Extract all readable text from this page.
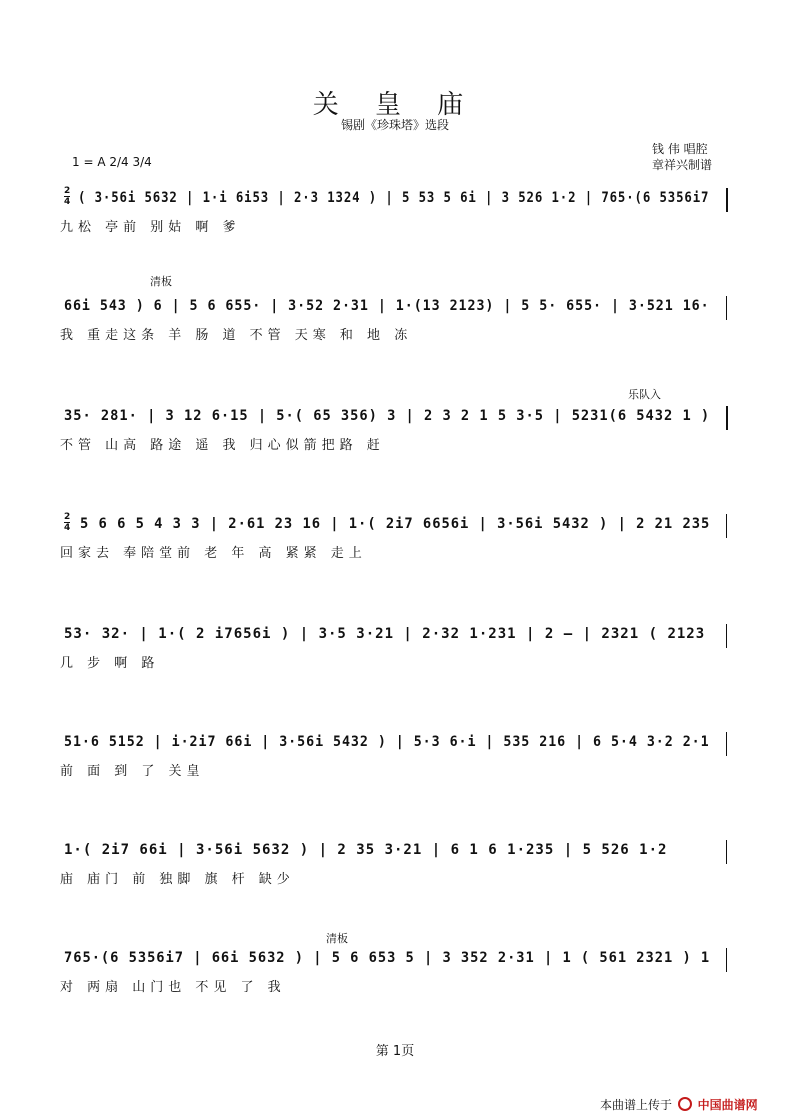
关 皇 庙
锡剧《珍珠塔》选段
1 = A 2/4 3/4
钱 伟 唱腔
章祥兴制谱
2
4 ( 3·56i 5632 | 1·i 6i53 | 2·3 1324 ) | 5 53 5 6i | 3 526 1·2 | 765·(6 5356i7
九松 亭前 别姑 啊 爹
清板
66i 543 ) 6 | 5 6 655· | 3·52 2·31 | 1·(13 2123) | 5 5· 655· | 3·521 16·
我 重走这条 羊 肠 道 不管 天寒 和 地 冻
乐队入
35· 281· | 3 12 6·15 | 5·( 65 356) 3 | 2 3 2 1 5 3·5 | 5231(6 5432 1 )
不管 山高 路途 遥 我 归心似箭把路 赶
2
4 5 6 6 5 4 3 3 | 2·61 23 16 | 1·( 2i7 6656i | 3·56i 5432 ) | 2 21 235
回家去 奉陪堂前 老 年 高 紧紧 走上
53· 32· | 1·( 2 i7656i ) | 3·5 3·21 | 2·32 1·231 | 2 — | 2321 ( 2123
几 步 啊 路
51·6 5152 | i·2i7 66i | 3·56i 5432 ) | 5·3 6·i | 535 216 | 6 5·4 3·2 2·1
前 面 到 了 关皇
1·( 2i7 66i | 3·56i 5632 ) | 2 35 3·21 | 6 1 6 1·235 | 5 526 1·2
庙 庙门 前 独脚 旗 杆 缺少
清板
765·(6 5356i7 | 66i 5632 ) | 5 6 653 5 | 3 352 2·31 | 1 ( 561 2321 ) 1
对 两扇 山门也 不见 了 我
第 1页
本曲谱上传于 中国曲谱网
